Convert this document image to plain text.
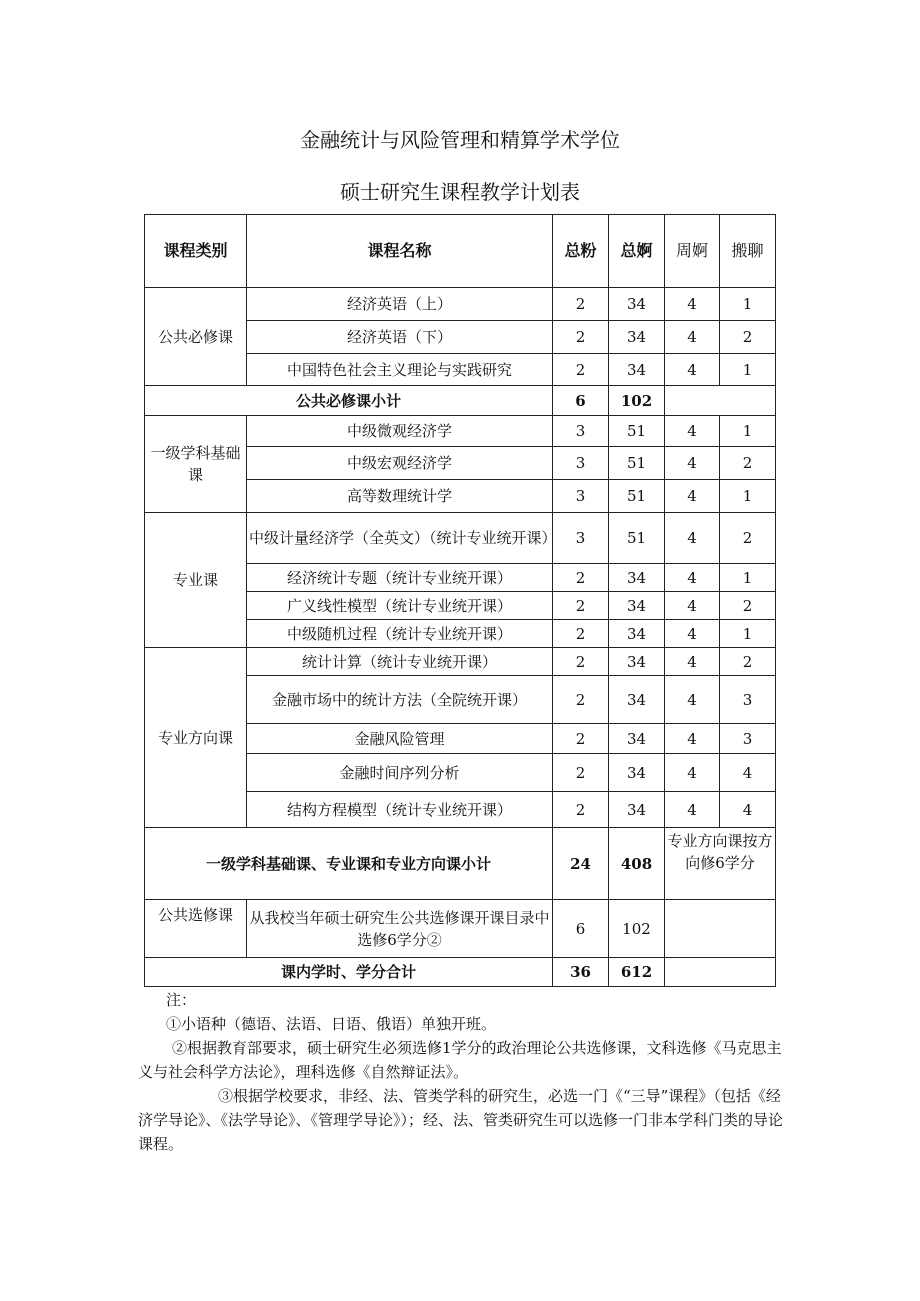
金融统计与风险管理和精算学术学位
硕士研究生课程教学计划表
课程类别	课程名称	总粉	总婀	周婀	搬聊
公共必修课	经济英语（上）	2	34	4	1
	经济英语（下）	2	34	4	2
	中国特色社会主义理论与实践研究	2	34	4	1
公共必修课小计		6	102		
一级学科基础课	中级微观经济学	3	51	4	1
	中级宏观经济学	3	51	4	2
	高等数理统计学	3	51	4	1
专业课	中级计量经济学（全英文）（统计专业统开课）	3	51	4	2
	经济统计专题（统计专业统开课）	2	34	4	1
	广义线性模型（统计专业统开课）	2	34	4	2
	中级随机过程（统计专业统开课）	2	34	4	1
专业方向课	统计计算（统计专业统开课）	2	34	4	2
	金融市场中的统计方法（全院统开课）	2	34	4	3
	金融风险管理	2	34	4	3
	金融时间序列分析	2	34	4	4
	结构方程模型（统计专业统开课）	2	34	4	4
一级学科基础课、专业课和专业方向课小计		24	408	专业方向课按方向修6学分	
公共选修课	从我校当年硕士研究生公共选修课开课目录中选修6学分②	6	102		
课内学时、学分合计		36	612		

注：

①小语种（德语、法语、日语、俄语）单独开班。

②根据教育部要求，硕士研究生必须选修1学分的政治理论公共选修课，文科选修《马克思主义与社会科学方法论》，理科选修《自然辩证法》。

③根据学校要求，非经、法、管类学科的研究生，必选一门《“三导”课程》（包括《经济学导论》、《法学导论》、《管理学导论》）；经、法、管类研究生可以选修一门非本学科门类的导论课程。
